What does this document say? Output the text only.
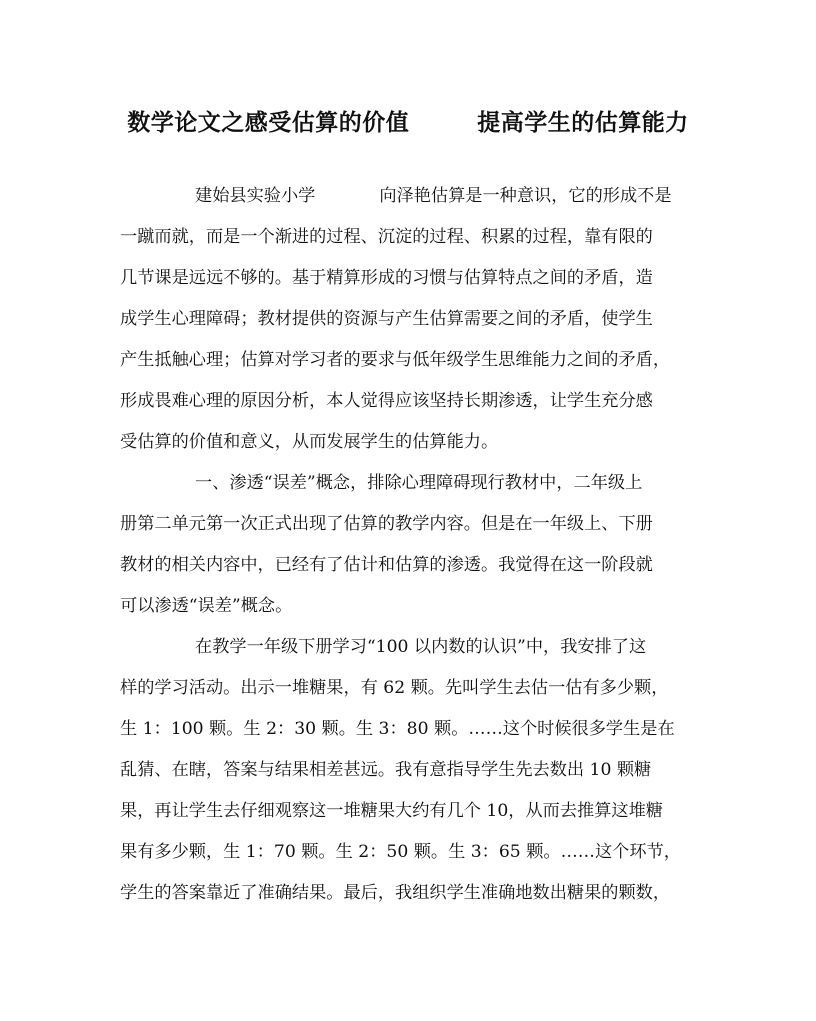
数学论文之感受估算的价值	提高学生的估算能力
建始县实验小学	向泽艳估算是一种意识，它的形成不是
一蹴而就，而是一个渐进的过程、沉淀的过程、积累的过程，靠有限的
几节课是远远不够的。基于精算形成的习惯与估算特点之间的矛盾，造
成学生心理障碍；教材提供的资源与产生估算需要之间的矛盾，使学生
产生抵触心理；估算对学习者的要求与低年级学生思维能力之间的矛盾，
形成畏难心理的原因分析，本人觉得应该坚持长期渗透，让学生充分感
受估算的价值和意义，从而发展学生的估算能力。
一、渗透“误差”概念，排除心理障碍现行教材中，二年级上
册第二单元第一次正式出现了估算的教学内容。但是在一年级上、下册
教材的相关内容中，已经有了估计和估算的渗透。我觉得在这一阶段就
可以渗透“误差”概念。
在教学一年级下册学习“100 以内数的认识”中，我安排了这
样的学习活动。出示一堆糖果，有 62 颗。先叫学生去估一估有多少颗，
生 1：100 颗。生 2：30 颗。生 3：80 颗。……这个时候很多学生是在
乱猜、在瞎，答案与结果相差甚远。我有意指导学生先去数出 10 颗糖
果，再让学生去仔细观察这一堆糖果大约有几个 10，从而去推算这堆糖
果有多少颗，生 1：70 颗。生 2：50 颗。生 3：65 颗。……这个环节，
学生的答案靠近了准确结果。最后，我组织学生准确地数出糖果的颗数，
